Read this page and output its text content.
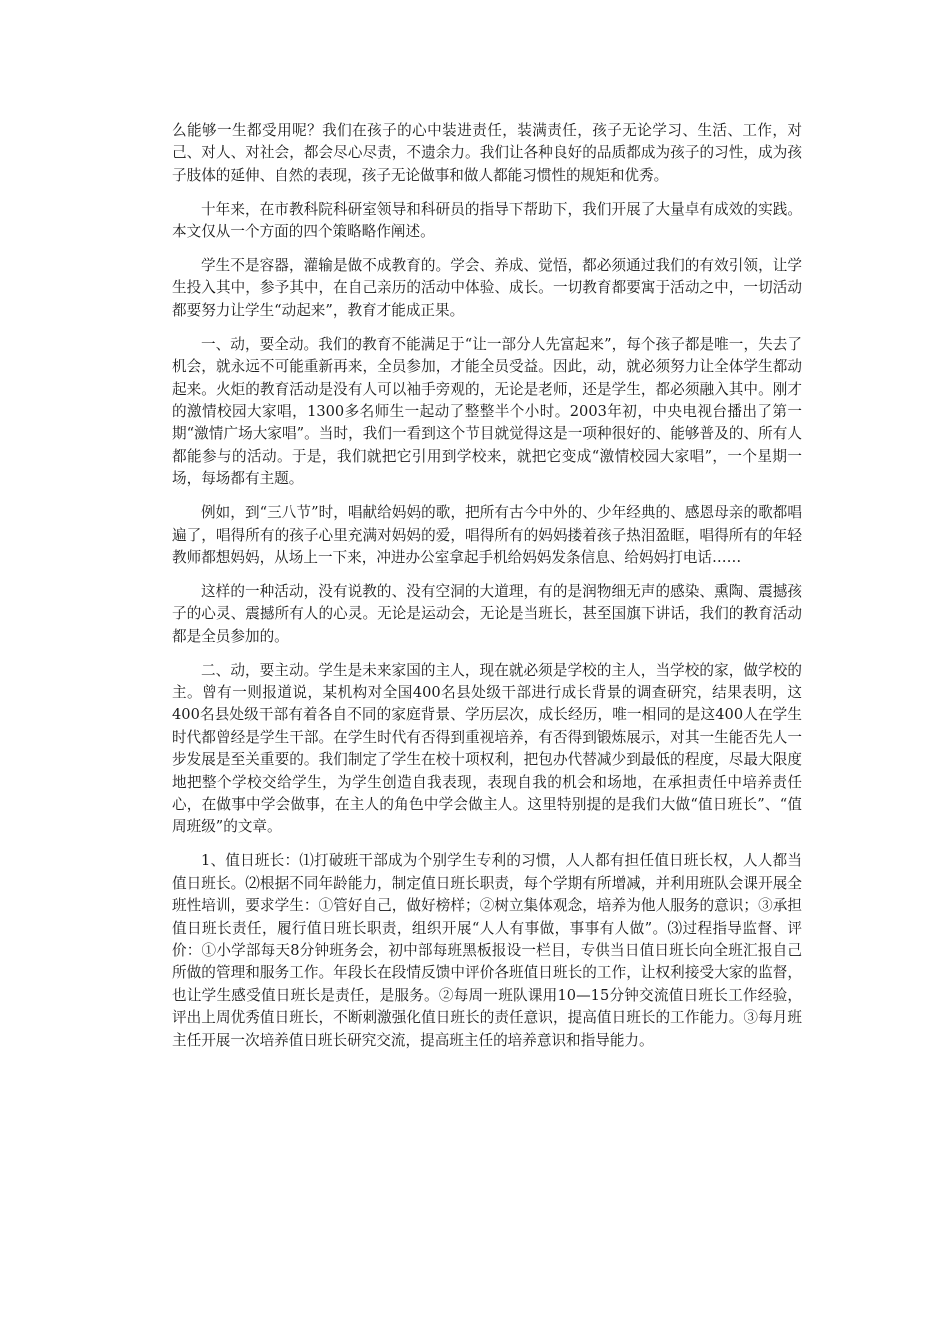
么能够一生都受用呢？我们在孩子的心中装进责任，装满责任，孩子无论学习、生活、工作，对己、对人、对社会，都会尽心尽责，不遗余力。我们让各种良好的品质都成为孩子的习性，成为孩子肢体的延伸、自然的表现，孩子无论做事和做人都能习惯性的规矩和优秀。

十年来，在市教科院科研室领导和科研员的指导下帮助下，我们开展了大量卓有成效的实践。本文仅从一个方面的四个策略略作阐述。

学生不是容器，灌输是做不成教育的。学会、养成、觉悟，都必须通过我们的有效引领，让学生投入其中，参予其中，在自己亲历的活动中体验、成长。一切教育都要寓于活动之中，一切活动都要努力让学生“动起来”，教育才能成正果。

一、动，要全动。我们的教育不能满足于“让一部分人先富起来”，每个孩子都是唯一，失去了机会，就永远不可能重新再来，全员参加，才能全员受益。因此，动，就必须努力让全体学生都动起来。火炬的教育活动是没有人可以袖手旁观的，无论是老师，还是学生，都必须融入其中。刚才的激情校园大家唱，1300多名师生一起动了整整半个小时。2003年初，中央电视台播出了第一期“激情广场大家唱”。当时，我们一看到这个节目就觉得这是一项种很好的、能够普及的、所有人都能参与的活动。于是，我们就把它引用到学校来，就把它变成“激情校园大家唱”，一个星期一场，每场都有主题。

例如，到“三八节”时，唱献给妈妈的歌，把所有古今中外的、少年经典的、感恩母亲的歌都唱遍了，唱得所有的孩子心里充满对妈妈的爱，唱得所有的妈妈搂着孩子热泪盈眶，唱得所有的年轻教师都想妈妈，从场上一下来，冲进办公室拿起手机给妈妈发条信息、给妈妈打电话……

这样的一种活动，没有说教的、没有空洞的大道理，有的是润物细无声的感染、熏陶、震撼孩子的心灵、震撼所有人的心灵。无论是运动会，无论是当班长，甚至国旗下讲话，我们的教育活动都是全员参加的。

二、动，要主动。学生是未来家国的主人，现在就必须是学校的主人，当学校的家，做学校的主。曾有一则报道说，某机构对全国400名县处级干部进行成长背景的调查研究，结果表明，这400名县处级干部有着各自不同的家庭背景、学历层次，成长经历，唯一相同的是这400人在学生时代都曾经是学生干部。在学生时代有否得到重视培养，有否得到锻炼展示，对其一生能否先人一步发展是至关重要的。我们制定了学生在校十项权利，把包办代替减少到最低的程度，尽最大限度地把整个学校交给学生，为学生创造自我表现，表现自我的机会和场地，在承担责任中培养责任心，在做事中学会做事，在主人的角色中学会做主人。这里特别提的是我们大做“值日班长”、“值周班级”的文章。

1、值日班长：⑴打破班干部成为个别学生专利的习惯，人人都有担任值日班长权，人人都当值日班长。⑵根据不同年龄能力，制定值日班长职责，每个学期有所增减，并利用班队会课开展全班性培训，要求学生：①管好自己，做好榜样；②树立集体观念，培养为他人服务的意识；③承担值日班长责任，履行值日班长职责，组织开展“人人有事做，事事有人做”。⑶过程指导监督、评价：①小学部每天8分钟班务会，初中部每班黑板报设一栏目，专供当日值日班长向全班汇报自己所做的管理和服务工作。年段长在段情反馈中评价各班值日班长的工作，让权利接受大家的监督，也让学生感受值日班长是责任，是服务。②每周一班队课用10—15分钟交流值日班长工作经验，评出上周优秀值日班长，不断刺激强化值日班长的责任意识，提高值日班长的工作能力。③每月班主任开展一次培养值日班长研究交流，提高班主任的培养意识和指导能力。
